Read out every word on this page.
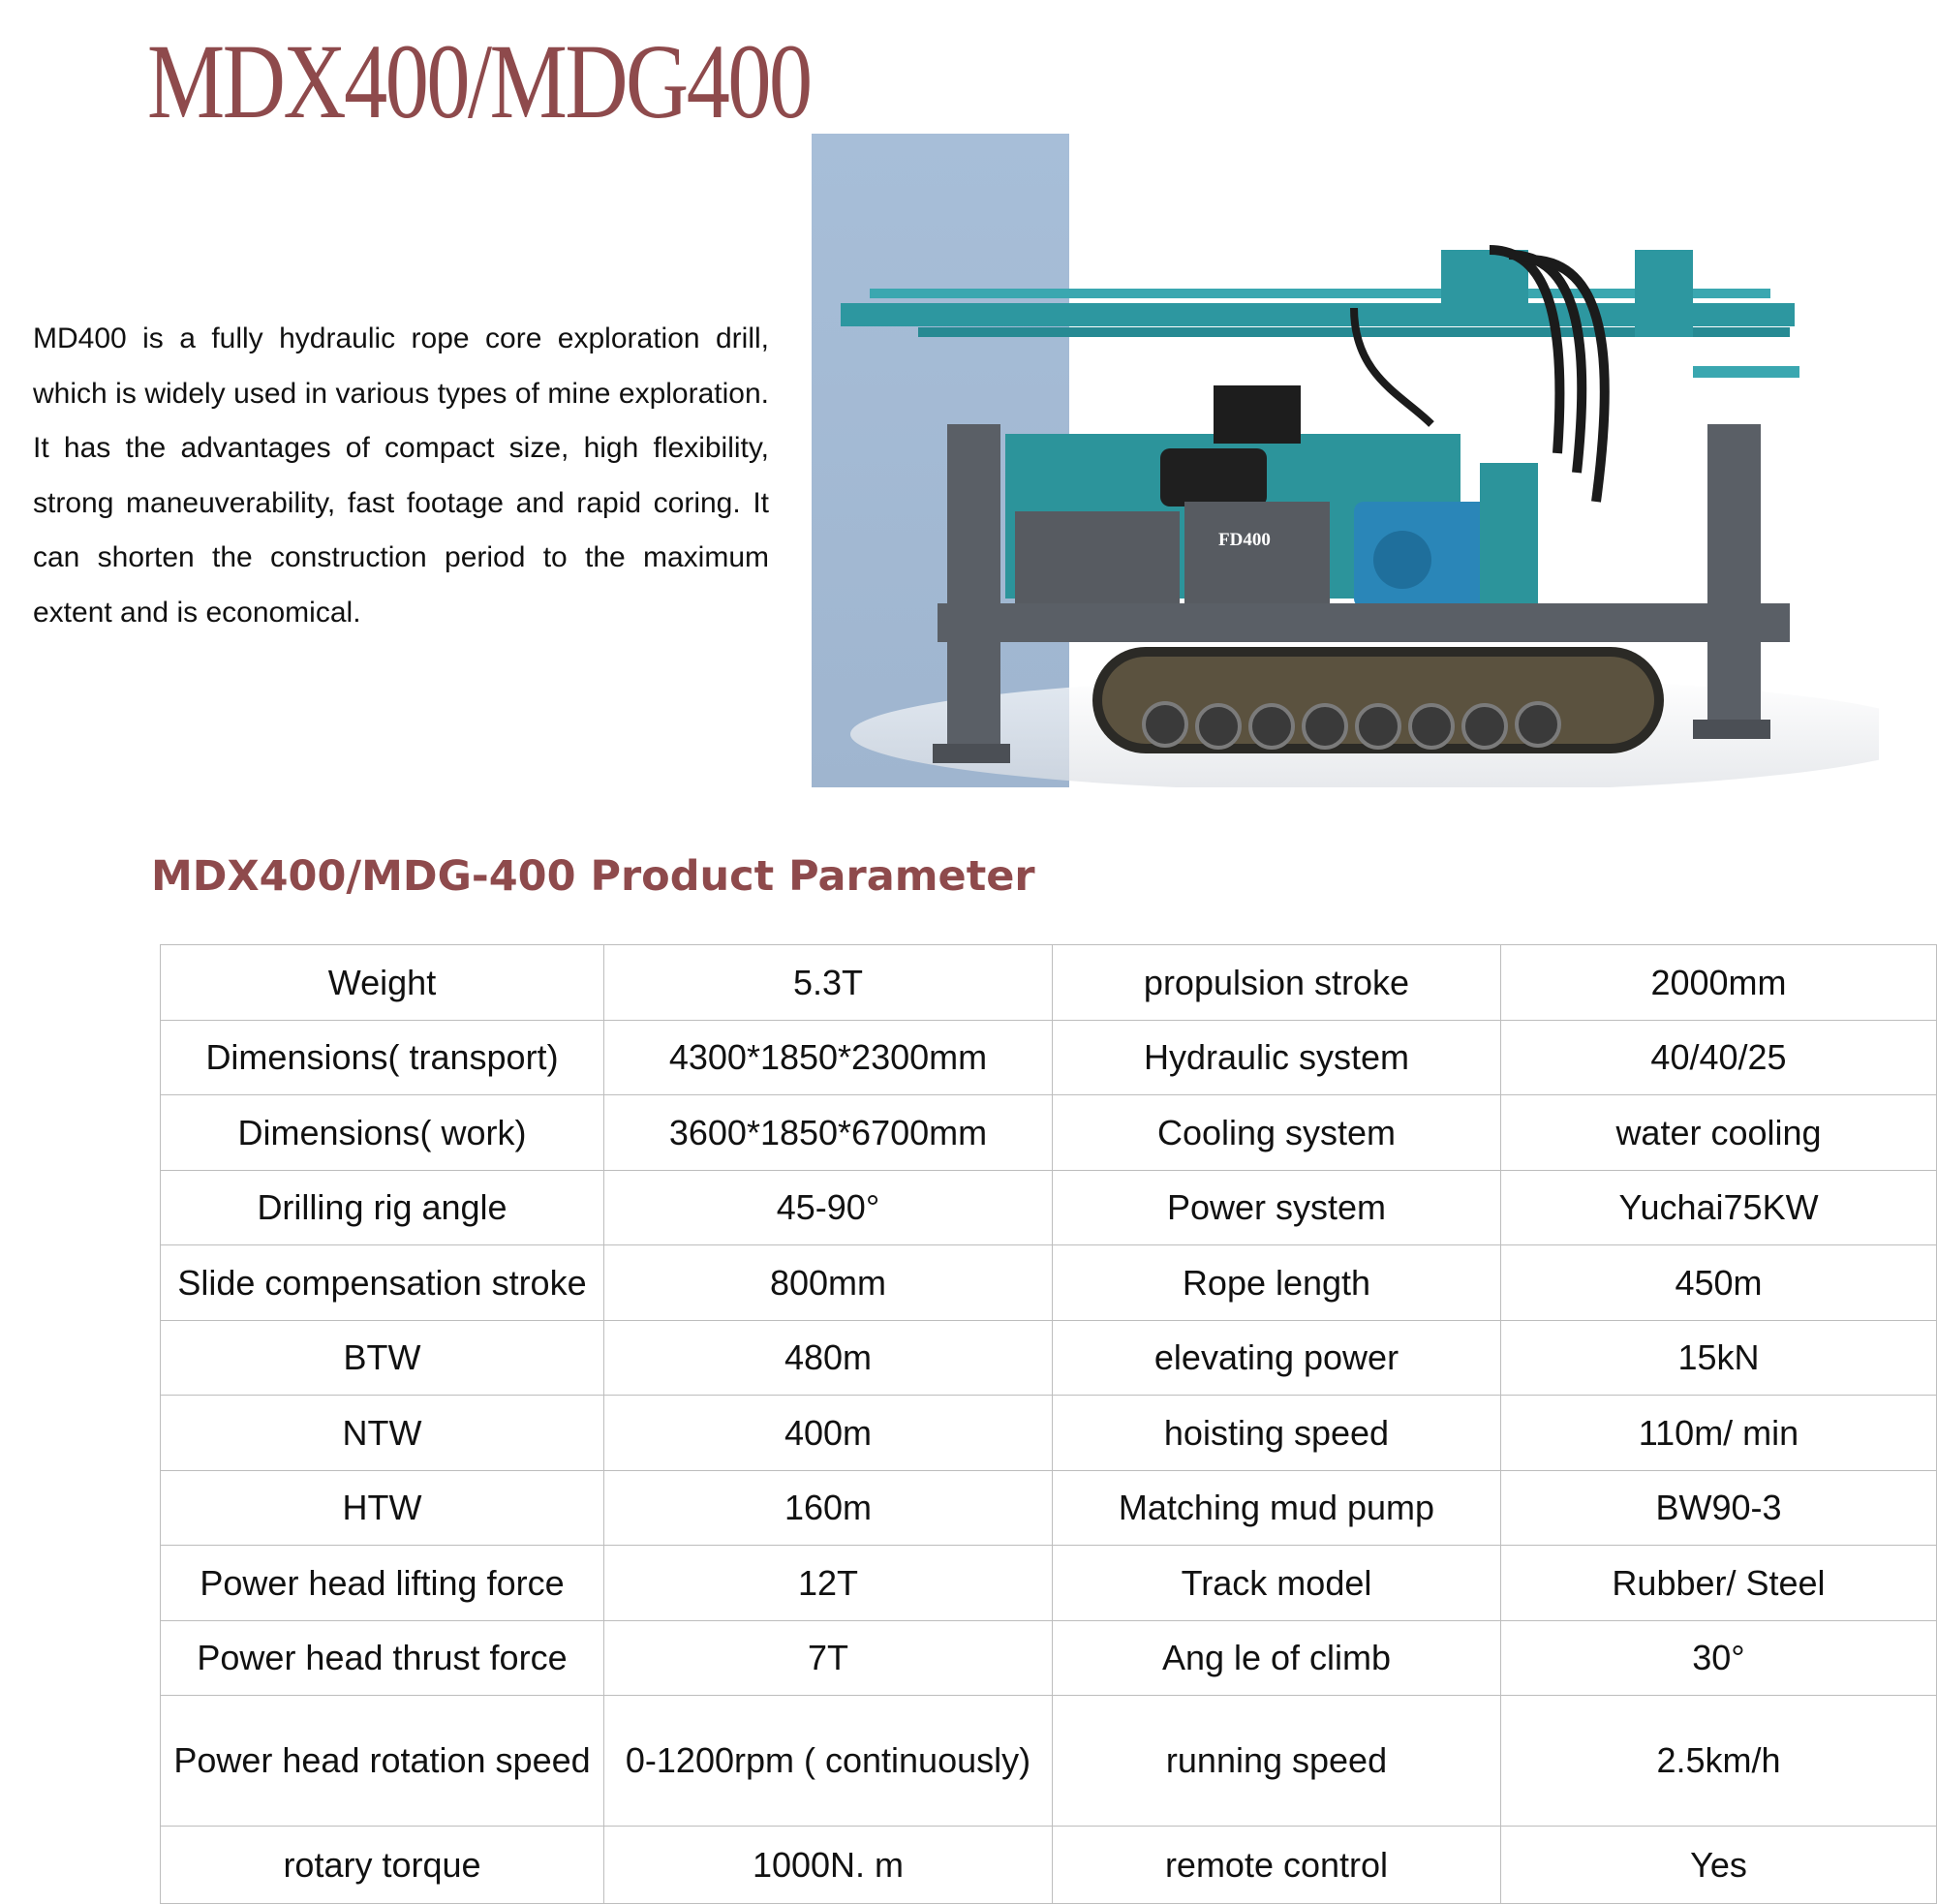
MDX400/MDG400

MD400 is a fully hydraulic rope core exploration drill, which is widely used in various types of mine exploration. It has the advantages of compact size, high flexibility, strong maneuverability, fast footage and rapid coring. It can shorten the construction period to the maximum extent and is economical.

FD400
MDX400/MDG-400 Product Parameter
Weight	5.3T	propulsion stroke	2000mm
Dimensions( transport)	4300*1850*2300mm	Hydraulic system	40/40/25
Dimensions( work)	3600*1850*6700mm	Cooling system	water cooling
Drilling rig angle	45-90°	Power system	Yuchai75KW
Slide compensation stroke	800mm	Rope length	450m
BTW	480m	elevating power	15kN
NTW	400m	hoisting speed	110m/ min
HTW	160m	Matching mud pump	BW90-3
Power head lifting force	12T	Track model	Rubber/ Steel
Power head thrust force	7T	Ang le of climb	30°
Power head rotation speed	0-1200rpm ( continuously)	running speed	2.5km/h
rotary torque	1000N. m	remote control	Yes
